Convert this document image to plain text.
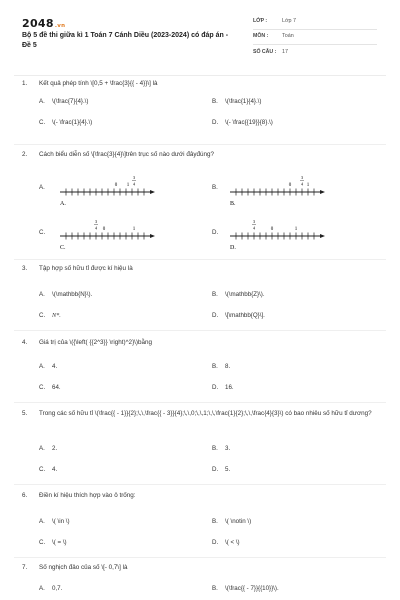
2048.vn
Bộ 5 đề thi giữa kì 1 Toán 7 Cánh Diều (2023-2024) có đáp án - Đề 5
LỚP :	Lớp 7
MÔN :	Toán
SỐ CÂU :	17
1.	Kết quả phép tính \[0,5 + \frac{3}{{ - 4}}\] là
A.	\(\frac{7}{4}.\)	B.	\(\frac{1}{4}.\)
C.	\(- \frac{1}{4}.\)	D.	\(- \frac{{19}}{8}.\)
2.	Cách biểu diễn số \[\frac{3}{4}\]trên trục số nào dưới đâyđúng?
A.	0 1
3
4
A.
B.	0	1
3
4
B.
C.	0	1
3
4
C.
D.	0	1
3
4
D.
3.	Tập hợp số hữu tỉ được kí hiệu là
A.	\(\mathbb{N}\).	B.	\(\mathbb{Z}\).
C.	N*.	D.	\[\mathbb{Q}\].
4.	Giá trị của \({\left( {{2^3}} \right)^2}\)bằng
A.	4.	B.	8.
C.	64.	D.	16.
5.	Trong các số hữu tỉ \(\frac{{ - 1}}{2};\,\,\frac{{ - 3}}{4};\,\,0;\,\,1;\,\,\frac{1}{2};\,\,\frac{4}{3}\) có bao nhiêu số hữu tỉ dương?
A.	2.	B.	3.
C.	4.	D.	5.
6.	Điền kí hiệu thích hợp vào ô trống:
A.	\( \in \)	B.	\( \notin \)
C.	\( = \)	D.	\( < \)
7.	Số nghịch đảo của số \[- 0,7\] là
A.	0,7.	B.	\(\frac{{ - 7}}{{10}}\).
